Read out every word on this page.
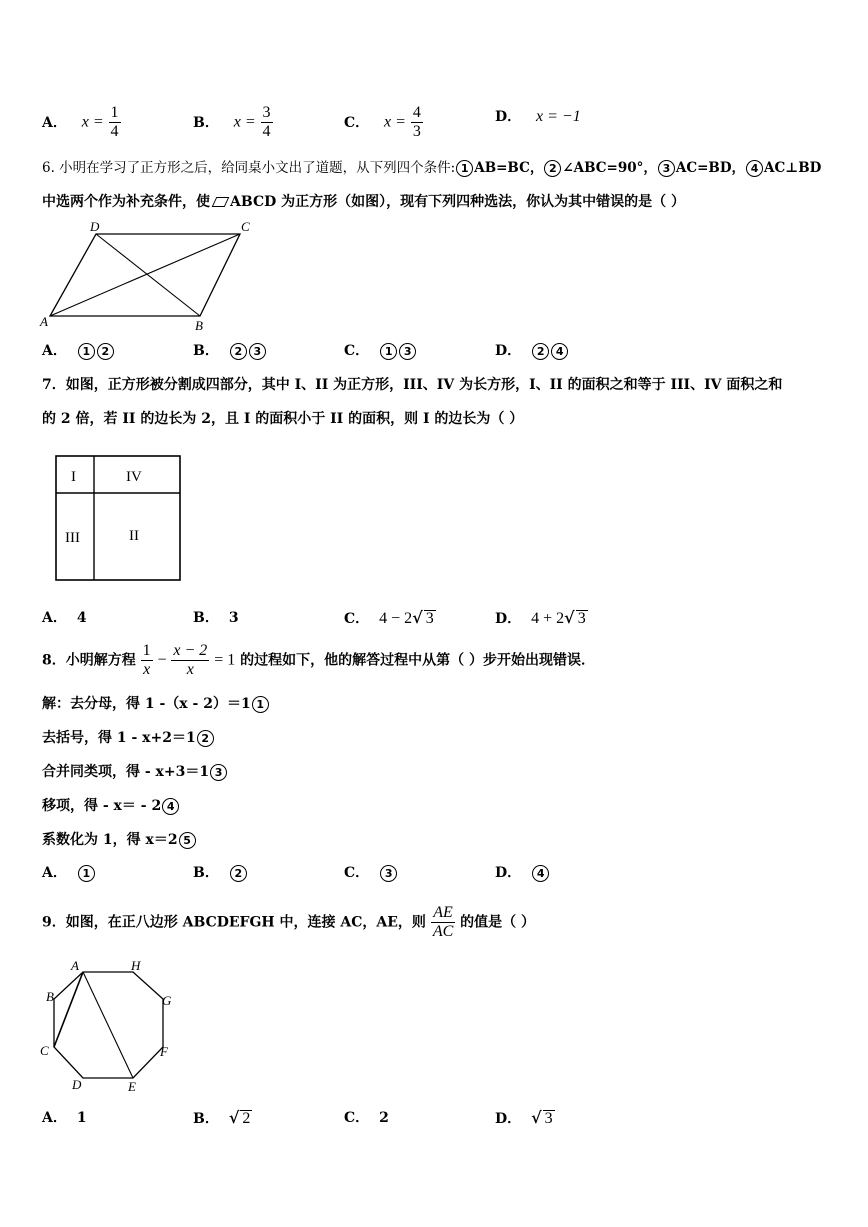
A． $x = \frac{1}{4}$	B． $x = \frac{3}{4}$	C． $x = \frac{4}{3}$	D． x = −1
6. 小明在学习了正方形之后，给同桌小文出了道题，从下列四个条件: 1 AB=BC， 2 ∠ABC=90°， 3 AC=BD， 4 AC⊥BD
中选两个作为补充条件，使 ABCD 为正方形（如图），现有下列四种选法，你认为其中错误的是（ ）
A	B
C
D
A． 1 2	B． 2 3	C． 1 3	D． 2 4
7．如图，正方形被分割成四部分，其中 I、II 为正方形，III、IV 为长方形，I、II 的面积之和等于 III、IV 面积之和
的 2 倍，若 II 的边长为 2，且 I 的面积小于 II 的面积，则 I 的边长为（ ）
I	IV
III	II
A． 4	B． 3	C． 4 − 2√ 3	D． 4 + 2√ 3
8．小明解方程 $\frac{1}{x} - \frac{x - 2}{x} = 1$ 的过程如下，他的解答过程中从第（ ）步开始出现错误．
解：去分母，得 1 -（x - 2）＝1 1
去括号，得 1 - x+2＝1 2
合并同类项，得 - x+3＝1 3
移项，得 - x＝ - 2 4
系数化为 1，得 x＝2 5
A． 1	B． 2	C． 3	D． 4
9．如图，在正八边形 ABCDEFGH 中，连接 AC，AE，则 $\frac{AE}{AC}$ 的值是（ ）
A
B
C
D	E
F
G
H
A． 1	B． √ 2	C． 2	D． √ 3
